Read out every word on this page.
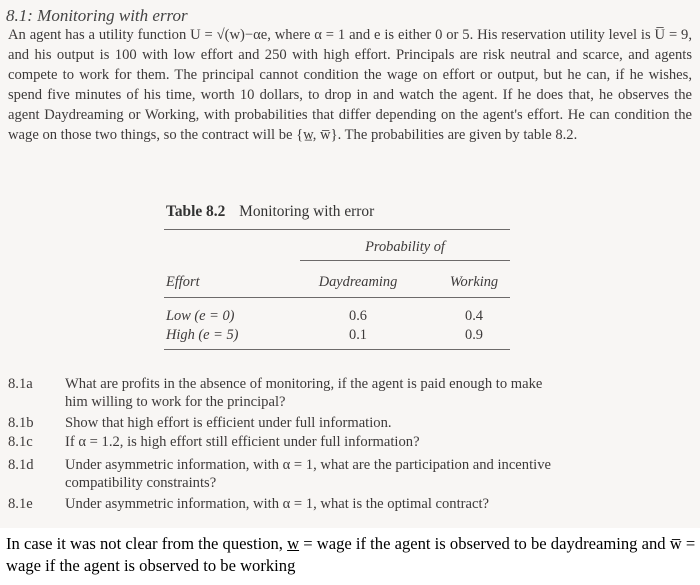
8.1: Monitoring with error

An agent has a utility function U = √(w)−αe, where α = 1 and e is either 0 or 5. His reservation utility level is U̅ = 9, and his output is 100 with low effort and 250 with high effort. Principals are risk neutral and scarce, and agents compete to work for them. The principal cannot condition the wage on effort or output, but he can, if he wishes, spend five minutes of his time, worth 10 dollars, to drop in and watch the agent. If he does that, he observes the agent Daydreaming or Working, with probabilities that differ depending on the agent's effort. He can condition the wage on those two things, so the contract will be {w̲, w̅}. The probabilities are given by table 8.2.

Table 8.2 Monitoring with error
Probability of
Effort	Daydreaming	Working
Low (e = 0)	0.6	0.4
High (e = 5)	0.1	0.9
8.1a	What are profits in the absence of monitoring, if the agent is paid enough to make
him willing to work for the principal?
8.1b	Show that high effort is efficient under full information.
8.1c	If α = 1.2, is high effort still efficient under full information?
8.1d	Under asymmetric information, with α = 1, what are the participation and incentive
compatibility constraints?
8.1e	Under asymmetric information, with α = 1, what is the optimal contract?

In case it was not clear from the question, w = wage if the agent is observed to be daydreaming and w̅ = wage if the agent is observed to be working
